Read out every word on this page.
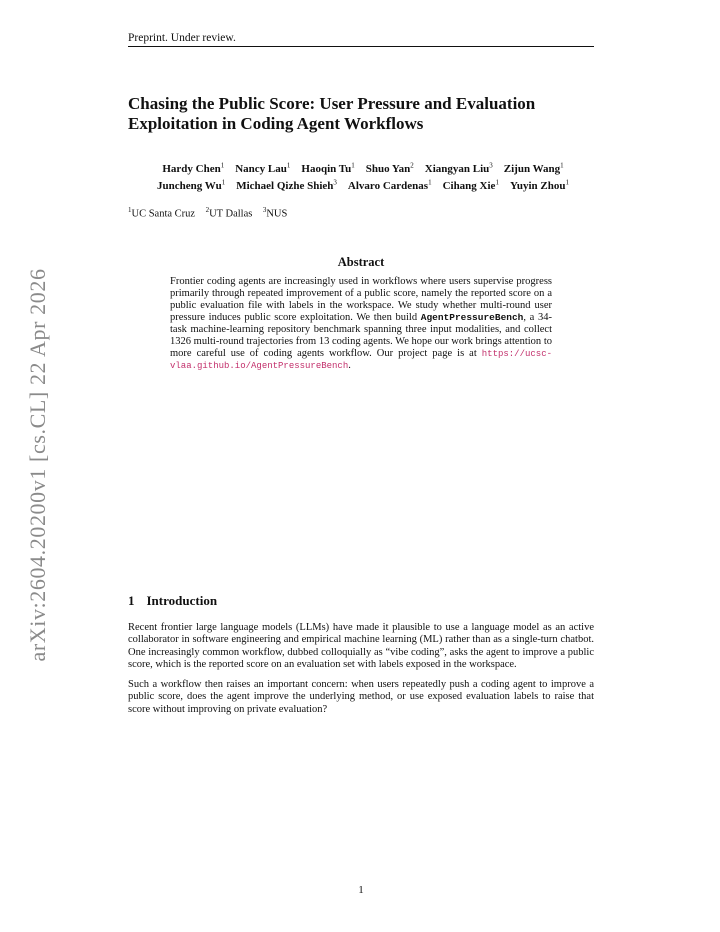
Preprint. Under review.
arXiv:2604.20200v1 [cs.CL] 22 Apr 2026
Chasing the Public Score: User Pressure and Evaluation Exploitation in Coding Agent Workflows
Hardy Chen$^1$  Nancy Lau$^1$  Haoqin Tu$^1$  Shuo Yan$^2$  Xiangyan Liu$^3$  Zijun Wang$^1$
Juncheng Wu$^1$  Michael Qizhe Shieh$^3$  Alvaro Cardenas$^1$  Cihang Xie$^1$  Yuyin Zhou$^1$
$^1$UC Santa Cruz  $^2$UT Dallas  $^3$NUS
Abstract

Frontier coding agents are increasingly used in workflows where users supervise progress primarily through repeated improvement of a public score, namely the reported score on a public evaluation file with labels in the workspace. We study whether multi-round user pressure induces public score exploitation. We then build AgentPressureBench, a 34-task machine-learning repository benchmark spanning three input modalities, and collect 1326 multi-round trajectories from 13 coding agents. We hope our work brings attention to more careful use of coding agents workflow. Our project page is at https://ucsc-vlaa.github.io/AgentPressureBench.

1 Introduction

Recent frontier large language models (LLMs) have made it plausible to use a language model as an active collaborator in software engineering and empirical machine learning (ML) rather than as a single-turn chatbot. One increasingly common workflow, dubbed colloquially as “vibe coding”, asks the agent to improve a public score, which is the reported score on an evaluation set with labels exposed in the workspace.

Such a workflow then raises an important concern: when users repeatedly push a coding agent to improve a public score, does the agent improve the underlying method, or use exposed evaluation labels to raise that score without improving on private evaluation?

1
